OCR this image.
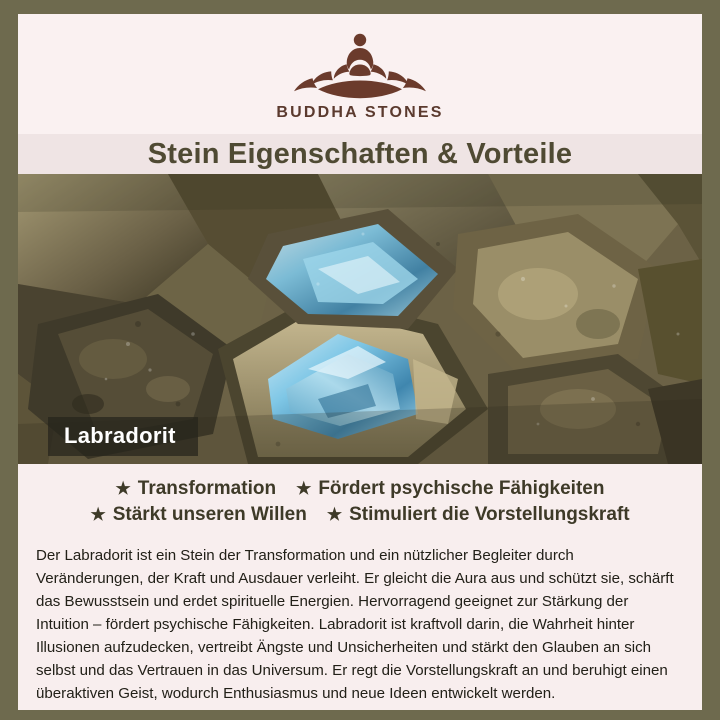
BUDDHA STONES
Stein Eigenschaften & Vorteile
Labradorit
★ Transformation ★ Fördert psychische Fähigkeiten
★ Stärkt unseren Willen ★ Stimuliert die Vorstellungskraft
Der Labradorit ist ein Stein der Transformation und ein nützlicher Begleiter durch Veränderungen, der Kraft und Ausdauer verleiht. Er gleicht die Aura aus und schützt sie, schärft das Bewusstsein und erdet spirituelle Energien. Hervorragend geeignet zur Stärkung der Intuition – fördert psychische Fähigkeiten. Labradorit ist kraftvoll darin, die Wahrheit hinter Illusionen aufzudecken, vertreibt Ängste und Unsicherheiten und stärkt den Glauben an sich selbst und das Vertrauen in das Universum. Er regt die Vorstellungskraft an und beruhigt einen überaktiven Geist, wodurch Enthusiasmus und neue Ideen entwickelt werden.
